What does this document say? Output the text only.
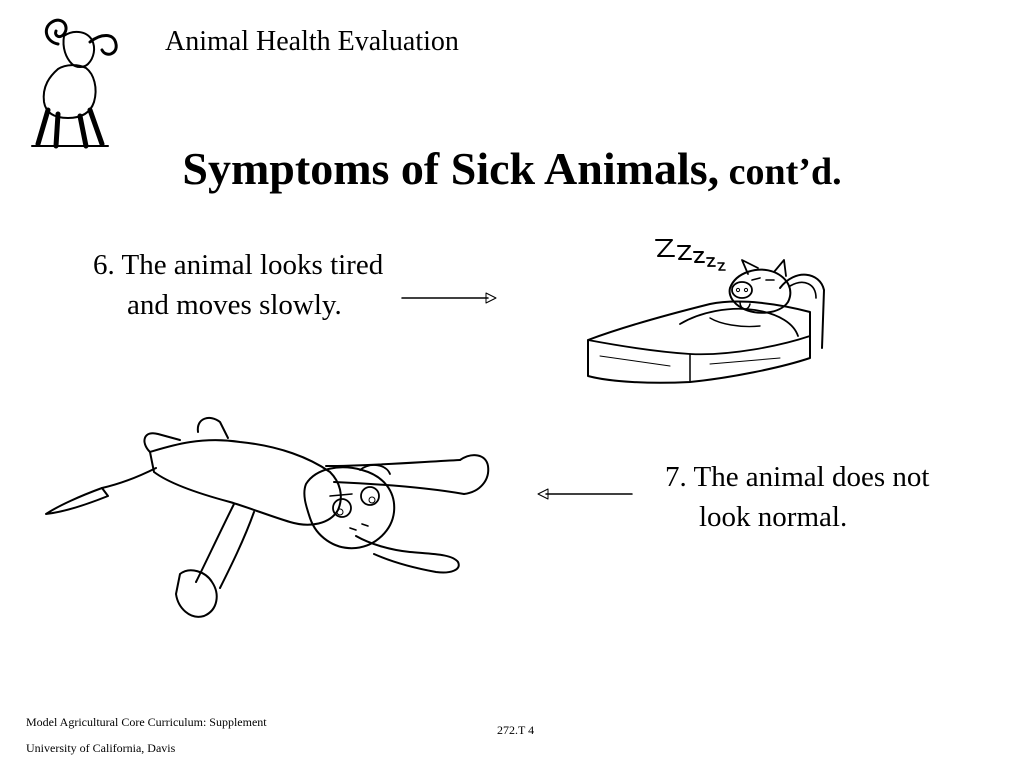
Animal Health Evaluation
Symptoms of Sick Animals, cont’d.
6. The animal looks tired
and moves slowly.
7. The animal does not
look normal.
Model Agricultural Core Curriculum: Supplement
University of California, Davis
272.T 4
